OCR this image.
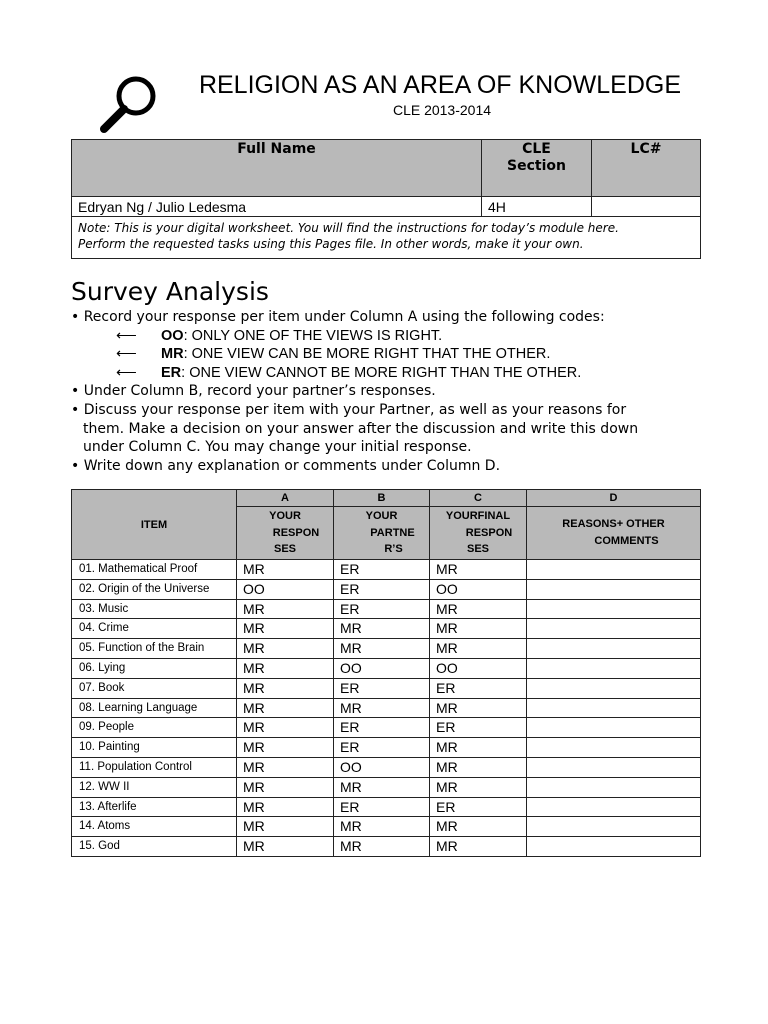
RELIGION AS AN AREA OF KNOWLEDGE
CLE 2013-2014
Full Name	CLE
Section	LC#
Edryan Ng / Julio Ledesma	4H	
Note: This is your digital worksheet. You will find the instructions for today’s module here.
Perform the requested tasks using this Pages file. In other words, make it your own.		
Survey Analysis
• Record your response per item under Column A using the following codes:
⟵ OO: ONLY ONE OF THE VIEWS IS RIGHT.
⟵ MR: ONE VIEW CAN BE MORE RIGHT THAT THE OTHER.
⟵ ER: ONE VIEW CANNOT BE MORE RIGHT THAN THE OTHER.
• Under Column B, record your partner’s responses.
• Discuss your response per item with your Partner, as well as your reasons for
them. Make a decision on your answer after the discussion and write this down
under Column C. You may change your initial response.
• Write down any explanation or comments under Column D.
ITEM	A	B	C	D
	YOUR
RESPON
SES	YOUR
PARTNE
R’S	YOURFINAL
RESPON
SES	REASONS+ OTHER
COMMENTS
01. Mathematical Proof	MR	ER	MR	
02. Origin of the Universe	OO	ER	OO	
03. Music	MR	ER	MR	
04. Crime	MR	MR	MR	
05. Function of the Brain	MR	MR	MR	
06. Lying	MR	OO	OO	
07. Book	MR	ER	ER	
08. Learning Language	MR	MR	MR	
09. People	MR	ER	ER	
10. Painting	MR	ER	MR	
11. Population Control	MR	OO	MR	
12. WW II	MR	MR	MR	
13. Afterlife	MR	ER	ER	
14. Atoms	MR	MR	MR	
15. God	MR	MR	MR	
